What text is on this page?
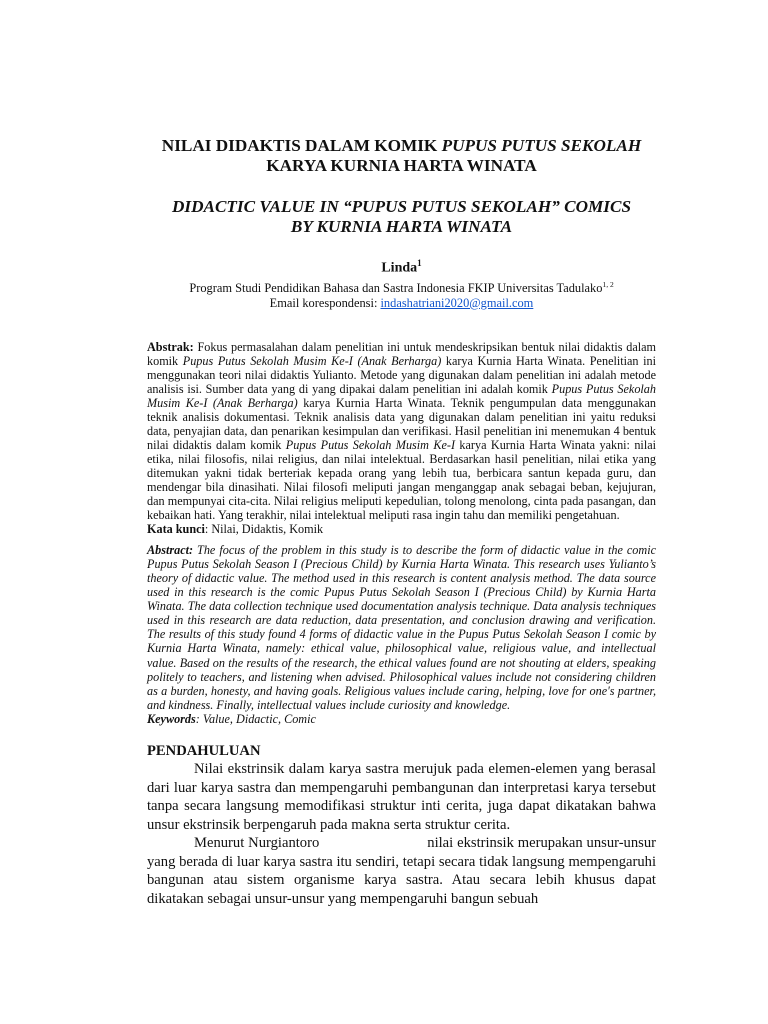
NILAI DIDAKTIS DALAM KOMIK PUPUS PUTUS SEKOLAH
KARYA KURNIA HARTA WINATA

DIDACTIC VALUE IN “PUPUS PUTUS SEKOLAH” COMICS
BY KURNIA HARTA WINATA

Linda$^1$

Program Studi Pendidikan Bahasa dan Sastra Indonesia FKIP Universitas Tadulako$^{1, 2}$

Email korespondensi: indashatriani2020@gmail.com

Abstrak: Fokus permasalahan dalam penelitian ini untuk mendeskripsikan bentuk nilai didaktis dalam komik Pupus Putus Sekolah Musim Ke-I (Anak Berharga) karya Kurnia Harta Winata. Penelitian ini menggunakan teori nilai didaktis Yulianto. Metode yang digunakan dalam penelitian ini adalah metode analisis isi. Sumber data yang di yang dipakai dalam penelitian ini adalah komik Pupus Putus Sekolah Musim Ke-I (Anak Berharga) karya Kurnia Harta Winata. Teknik pengumpulan data menggunakan teknik analisis dokumentasi. Teknik analisis data yang digunakan dalam penelitian ini yaitu reduksi data, penyajian data, dan penarikan kesimpulan dan verifikasi. Hasil penelitian ini menemukan 4 bentuk nilai didaktis dalam komik Pupus Putus Sekolah Musim Ke-I karya Kurnia Harta Winata yakni: nilai etika, nilai filosofis, nilai religius, dan nilai intelektual. Berdasarkan hasil penelitian, nilai etika yang ditemukan yakni tidak berteriak kepada orang yang lebih tua, berbicara santun kepada guru, dan mendengar bila dinasihati. Nilai filosofi meliputi jangan menganggap anak sebagai beban, kejujuran, dan mempunyai cita-cita. Nilai religius meliputi kepedulian, tolong menolong, cinta pada pasangan, dan kebaikan hati. Yang terakhir, nilai intelektual meliputi rasa ingin tahu dan memiliki pengetahuan.

Kata kunci: Nilai, Didaktis, Komik

Abstract: The focus of the problem in this study is to describe the form of didactic value in the comic Pupus Putus Sekolah Season I (Precious Child) by Kurnia Harta Winata. This research uses Yulianto’s theory of didactic value. The method used in this research is content analysis method. The data source used in this research is the comic Pupus Putus Sekolah Season I (Precious Child) by Kurnia Harta Winata. The data collection technique used documentation analysis technique. Data analysis techniques used in this research are data reduction, data presentation, and conclusion drawing and verification. The results of this study found 4 forms of didactic value in the Pupus Putus Sekolah Season I comic by Kurnia Harta Winata, namely: ethical value, philosophical value, religious value, and intellectual value. Based on the results of the research, the ethical values found are not shouting at elders, speaking politely to teachers, and listening when advised. Philosophical values include not considering children as a burden, honesty, and having goals. Religious values include caring, helping, love for one's partner, and kindness. Finally, intellectual values include curiosity and knowledge.

Keywords: Value, Didactic, Comic

PENDAHULUAN

Nilai ekstrinsik dalam karya sastra merujuk pada elemen-elemen yang berasal dari luar karya sastra dan mempengaruhi pembangunan dan interpretasi karya tersebut tanpa secara langsung memodifikasi struktur inti cerita, juga dapat dikatakan bahwa unsur ekstrinsik berpengaruh pada makna serta struktur cerita.

Menurut Nurgiantoro	nilai ekstrinsik merupakan unsur-unsur yang berada di luar karya sastra itu sendiri, tetapi secara tidak langsung mempengaruhi bangunan atau sistem organisme karya sastra. Atau secara lebih khusus dapat dikatakan sebagai unsur-unsur yang mempengaruhi bangun sebuah
